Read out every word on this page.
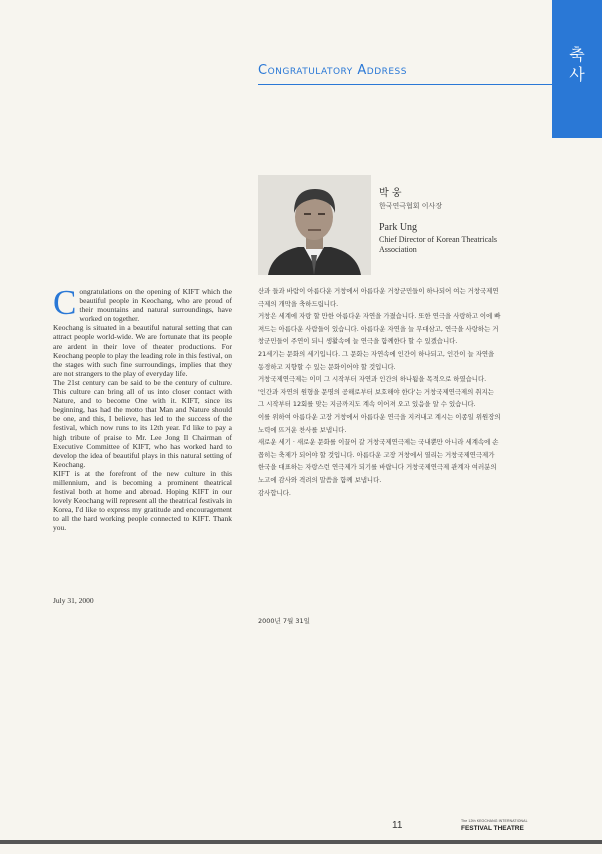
축
사
Congratulatory Address
박 웅
한국연극협회 이사장
Park Ung
Chief Director of Korean Theatricals Association

Congratulations on the opening of KIFT which the beautiful people in Keochang, who are proud of their mountains and natural surroundings, have worked on together.

Keochang is situated in a beautiful natural setting that can attract people world-wide. We are fortunate that its people are ardent in their love of theater productions. For Keochang people to play the leading role in this festival, on the stages with such fine surroundings, implies that they are not strangers to the play of everyday life.

The 21st century can be said to be the century of culture. This culture can bring all of us into closer contact with Nature, and to become One with it. KIFT, since its beginning, has had the motto that Man and Nature should be one, and this, I believe, has led to the success of the festival, which now runs to its 12th year. I'd like to pay a high tribute of praise to Mr. Lee Jong Il Chairman of Executive Committee of KIFT, who has worked hard to develop the idea of beautiful plays in this natural setting of Keochang.

KIFT is at the forefront of the new culture in this millennium, and is becoming a prominent theatrical festival both at home and abroad. Hoping KIFT in our lovely Keochang will represent all the theatrical festivals in Korea, I'd like to express my gratitude and encouragement to all the hard working people connected to KIFT. Thank you.

July 31, 2000

산과 들과 바람이 아름다운 거창에서 아름다운 거창군민들이 하나되어 여는 거창국제연극제의 개막을 축하드립니다.

거창은 세계에 자랑 할 만한 아름다운 자연을 가졌습니다. 또한 연극을 사랑하고 이에 빠져드는 아름다운 사람들이 있습니다. 아름다운 자연을 늘 무대삼고, 연극을 사랑하는 거창군민들이 주연이 되니 생활속에 늘 연극을 함께한다 할 수 있겠습니다.

21세기는 문화의 세기입니다. 그 문화는 자연속에 인간이 하나되고, 인간이 늘 자연을 동경하고 지향할 수 있는 문화이어야 할 것입니다.

거창국제연극제는 이미 그 시작부터 자연과 인간의 하나됨을 목적으로 하였습니다.

'인간과 자연의 원형을 문명의 공해로부터 보호해야 한다'는 거창국제연극제의 취지는 그 시작부터 12회를 맞는 지금까지도 계속 이어져 오고 있음을 알 수 있습니다.

이를 위하여 아름다운 고장 거창에서 아름다운 연극을 지켜내고 계시는 이종일 위원장의 노력에 뜨거운 찬사를 보냅니다.

새로운 세기 · 새로운 문화를 이끌어 갈 거창국제연극제는 국내뿐만 아니라 세계속에 손꼽히는 축제가 되어야 할 것입니다. 아름다운 고장 거창에서 열리는 거창국제연극제가 한국을 대표하는 자랑스런 연극제가 되기를 바랍니다 거창국제연극제 관계자 여러분의 노고에 감사와 격려의 말씀을 함께 보냅니다.

감사합니다.

2000년 7월 31일
11	The 12th KEOCHANG INTERNATIONAL
FESTIVAL THEATRE
